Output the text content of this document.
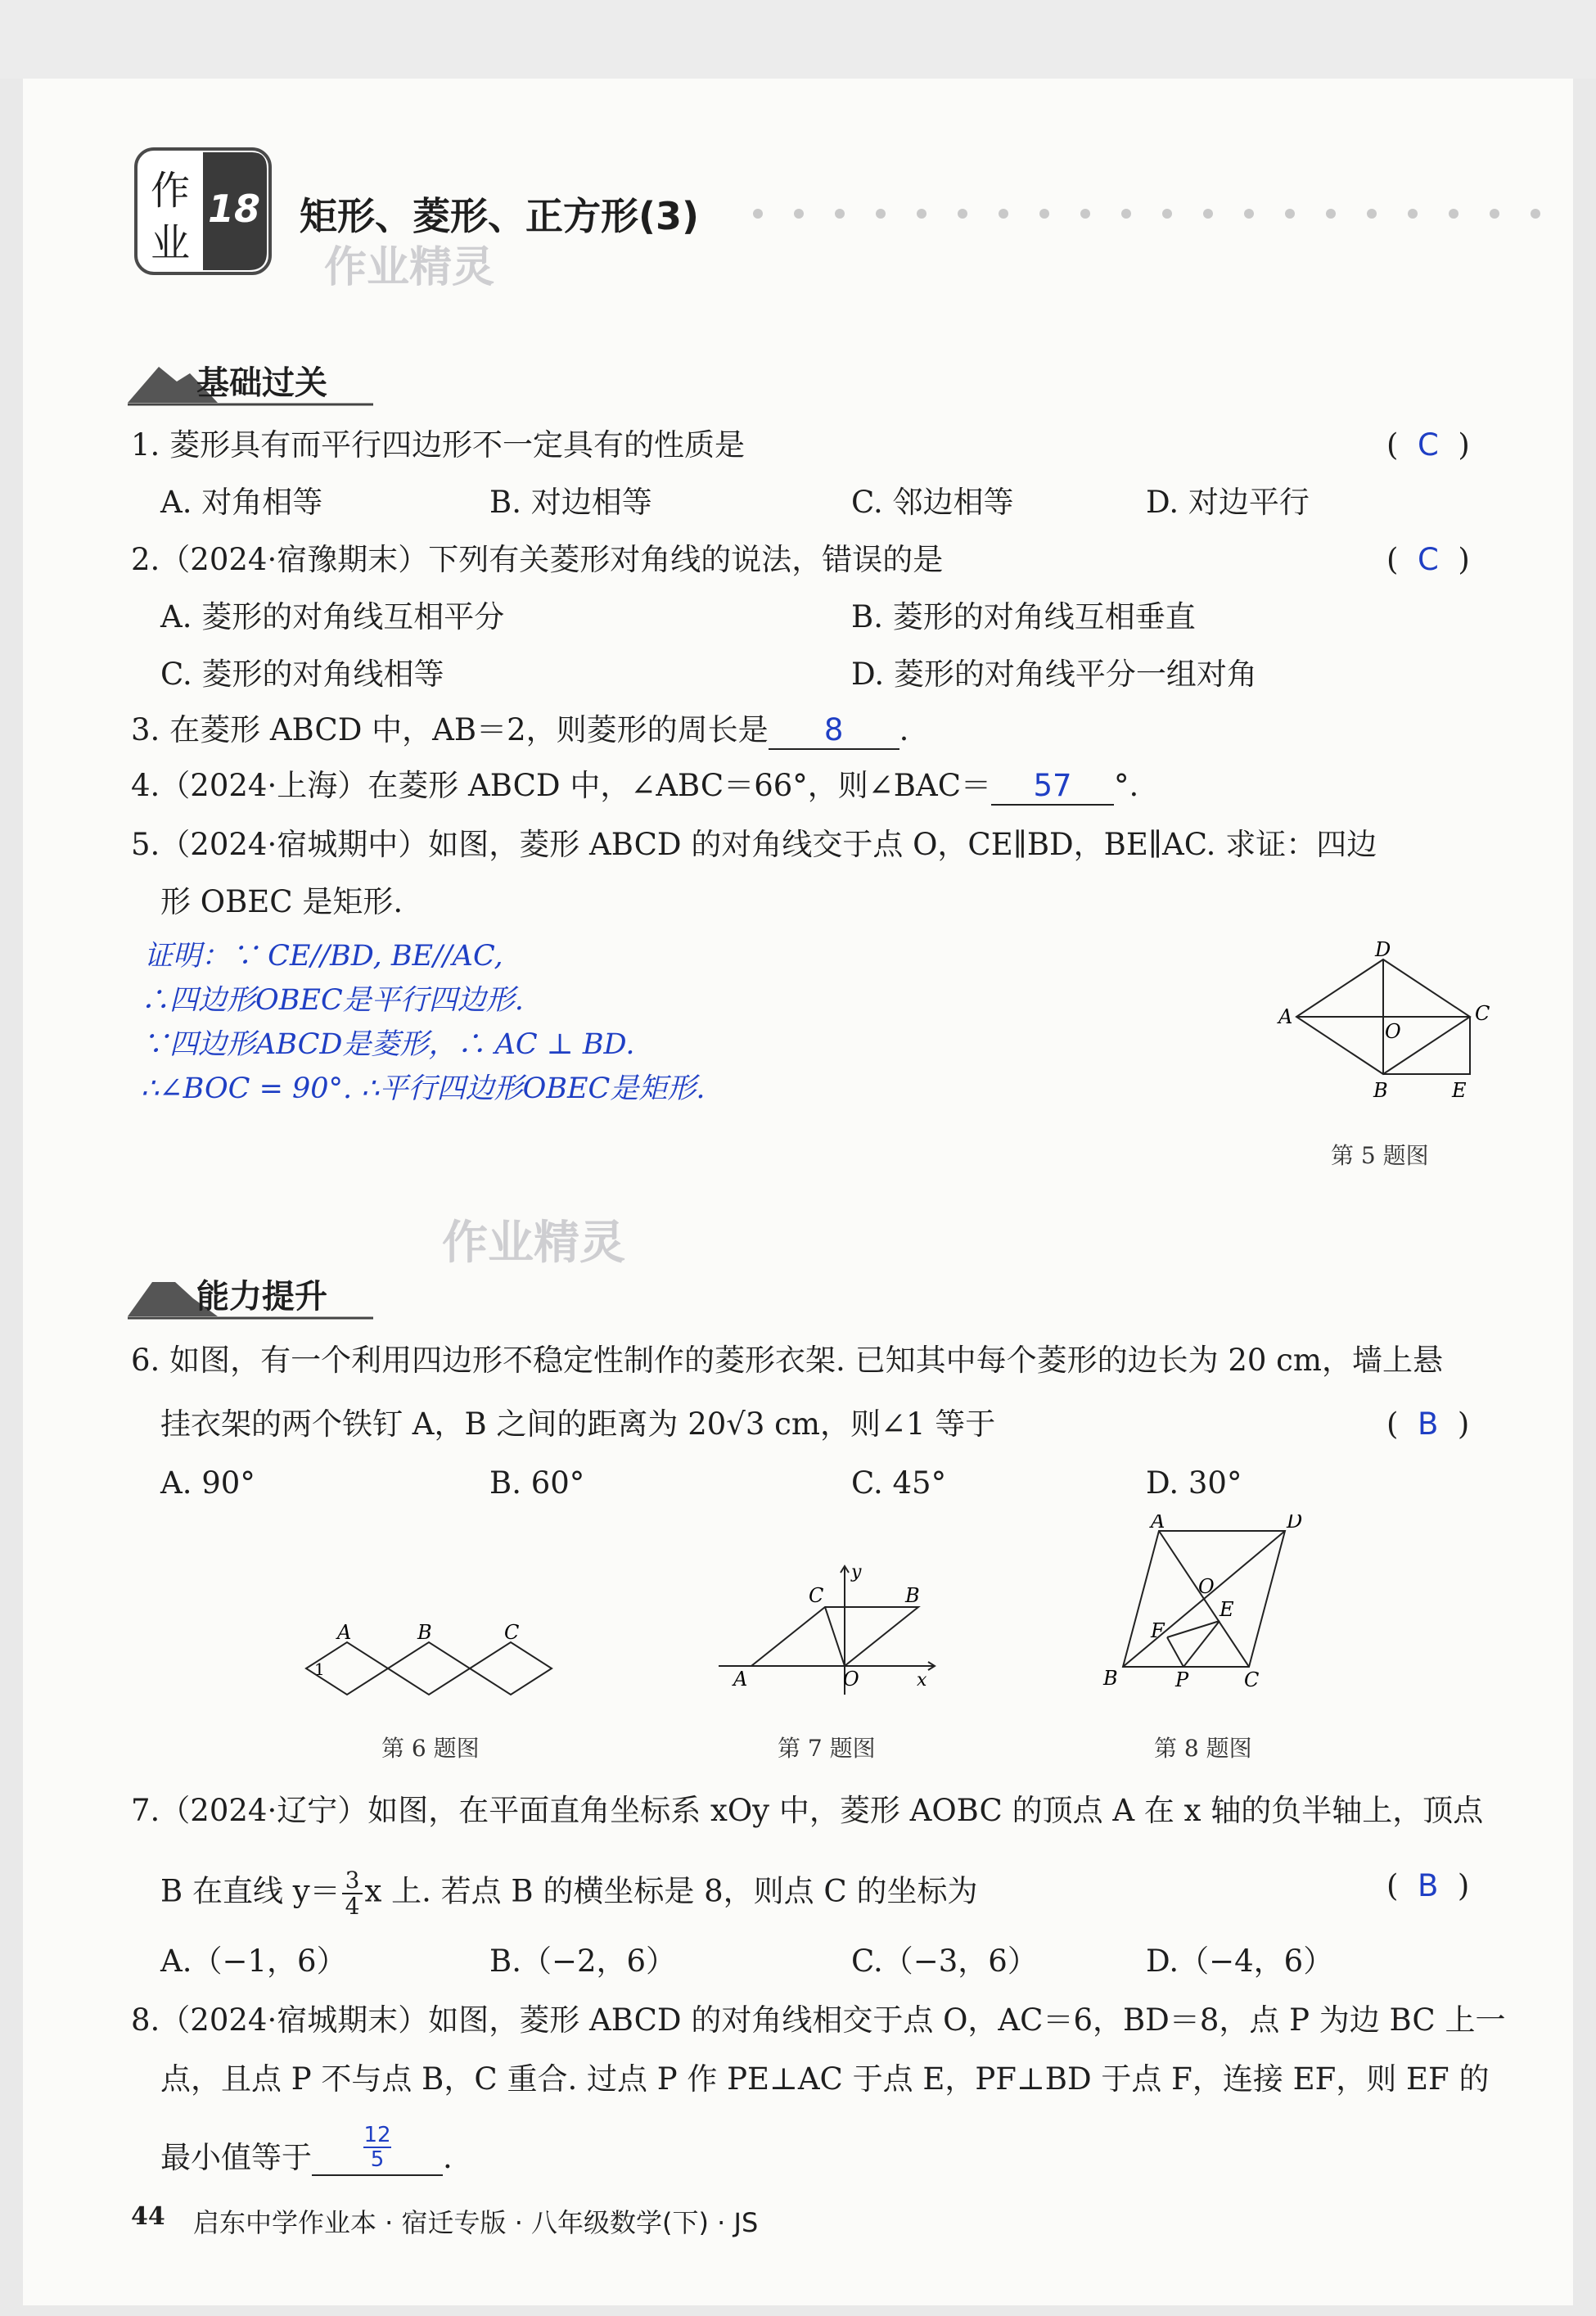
作
业
18 矩形、菱形、正方形(3)
作业精灵
基础过关
1. 菱形具有而平行四边形不一定具有的性质是	(  C  )
A. 对角相等	B. 对边相等	C. 邻边相等	D. 对边平行
2.（2024·宿豫期末）下列有关菱形对角线的说法，错误的是	(  C  )
A. 菱形的对角线互相平分	B. 菱形的对角线互相垂直
C. 菱形的对角线相等	D. 菱形的对角线平分一组对角
3. 在菱形 ABCD 中，AB＝2，则菱形的周长是 8 .
4.（2024·上海）在菱形 ABCD 中，∠ABC＝66°，则∠BAC＝ 57 °.
5.（2024·宿城期中）如图，菱形 ABCD 的对角线交于点 O，CE∥BD，BE∥AC. 求证：四边
形 OBEC 是矩形.
证明：∵ CE//BD, BE//AC,
∴四边形OBEC是平行四边形.
∵四边形ABCD是菱形，∴ AC ⊥ BD.
∴∠BOC = 90°. ∴平行四边形OBEC是矩形.
D
A
O
C
B	E
第 5 题图
作业精灵
能力提升
6. 如图，有一个利用四边形不稳定性制作的菱形衣架. 已知其中每个菱形的边长为 20 cm，墙上悬
挂衣架的两个铁钉 A，B 之间的距离为 20√3 cm，则∠1 等于	(  B  )
A. 90°	B. 60°	C. 45°	D. 30°
A	B	C
1
第 6 题图
C	B
y
A	O	x
第 7 题图
A	D
O
E
F
B	P	C
第 8 题图
7.（2024·辽宁）如图，在平面直角坐标系 xOy 中，菱形 AOBC 的顶点 A 在 x 轴的负半轴上，顶点
B 在直线 $y= \frac{3}{4}$ x 上. 若点 B 的横坐标是 8，则点 C 的坐标为	(  B  )
A.（−1，6）	B.（−2，6）	C.（−3，6）	D.（−4，6）
8.（2024·宿城期末）如图，菱形 ABCD 的对角线相交于点 O，AC＝6，BD＝8，点 P 为边 BC 上一
点，且点 P 不与点 B，C 重合. 过点 P 作 PE⊥AC 于点 E，PF⊥BD 于点 F，连接 EF，则 EF 的
最小值等于 $\frac{12}{5}$ .
44 启东中学作业本 · 宿迁专版 · 八年级数学(下) · JS
